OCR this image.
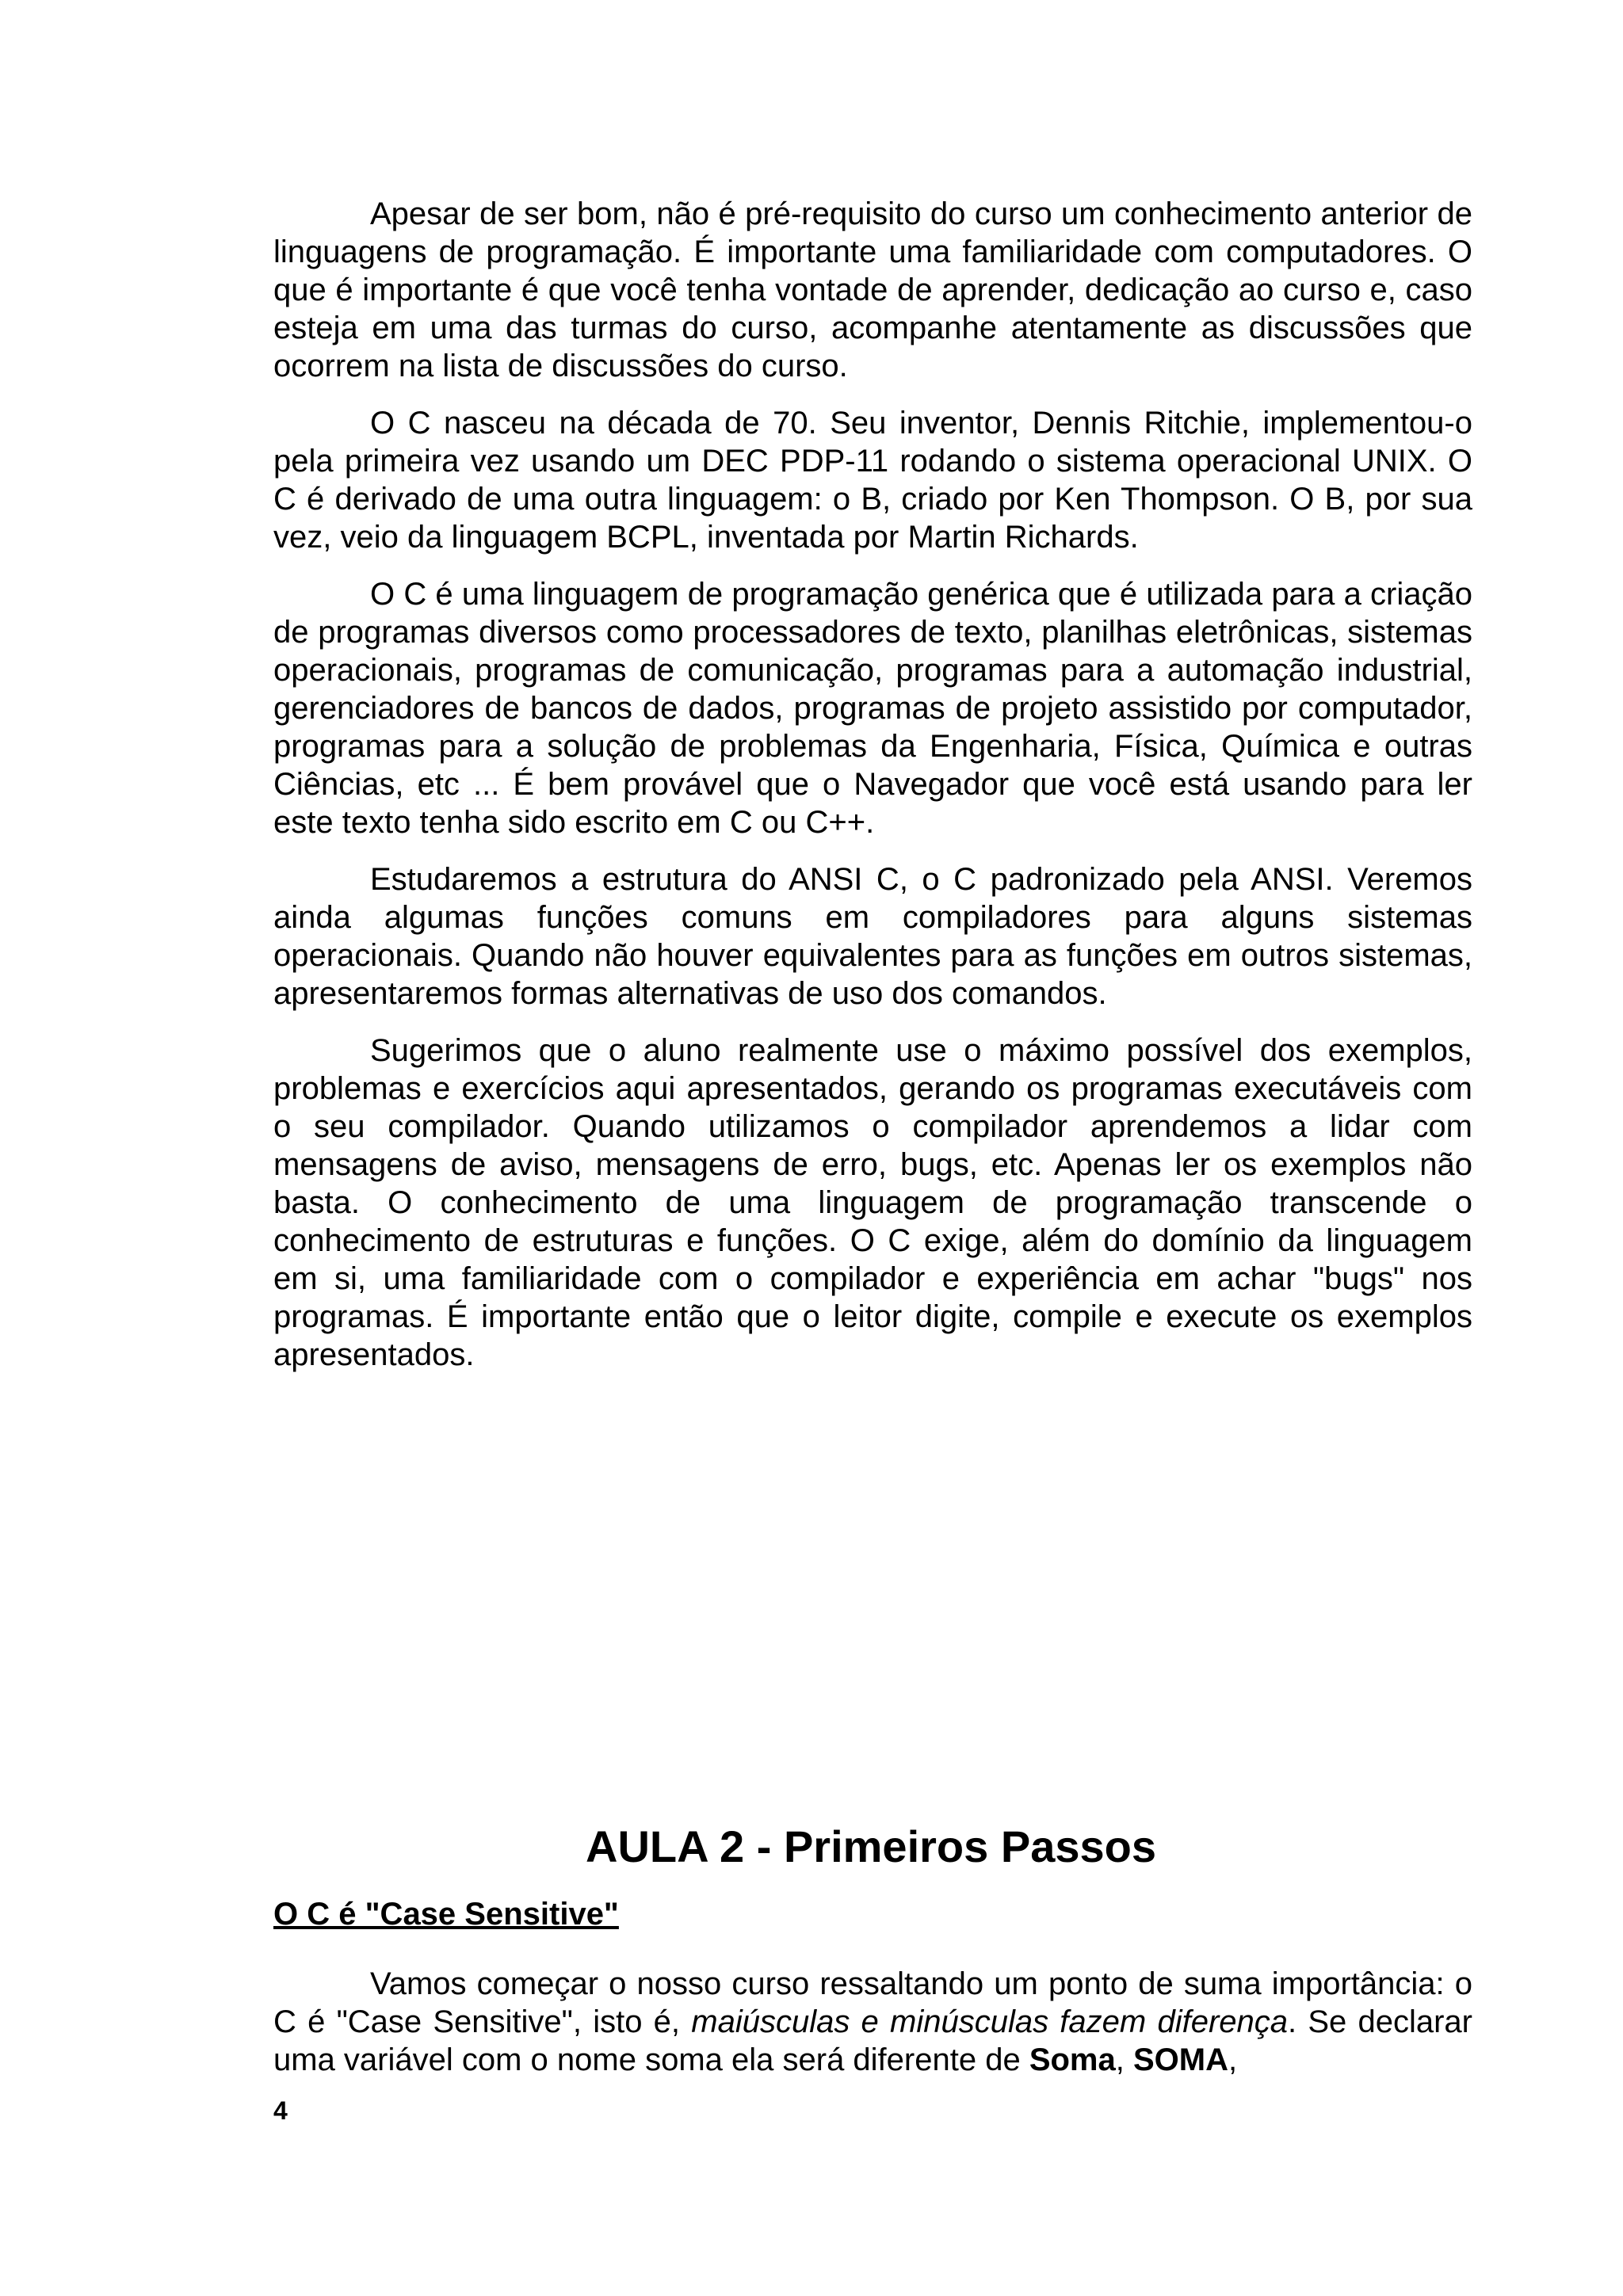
Apesar de ser bom, não é pré-requisito do curso um conhecimento anterior de linguagens de programação. É importante uma familiaridade com computadores. O que é importante é que você tenha vontade de aprender, dedicação ao curso e, caso esteja em uma das turmas do curso, acompanhe atentamente as discussões que ocorrem na lista de discussões do curso.

O C nasceu na década de 70. Seu inventor, Dennis Ritchie, implementou-o pela primeira vez usando um DEC PDP-11 rodando o sistema operacional UNIX. O C é derivado de uma outra linguagem: o B, criado por Ken Thompson. O B, por sua vez, veio da linguagem BCPL, inventada por Martin Richards.

O C é uma linguagem de programação genérica que é utilizada para a criação de programas diversos como processadores de texto, planilhas eletrônicas, sistemas operacionais, programas de comunicação, programas para a automação industrial, gerenciadores de bancos de dados, programas de projeto assistido por computador, programas para a solução de problemas da Engenharia, Física, Química e outras Ciências, etc ... É bem provável que o Navegador que você está usando para ler este texto tenha sido escrito em C ou C++.

Estudaremos a estrutura do ANSI C, o C padronizado pela ANSI. Veremos ainda algumas funções comuns em compiladores para alguns sistemas operacionais. Quando não houver equivalentes para as funções em outros sistemas, apresentaremos formas alternativas de uso dos comandos.

Sugerimos que o aluno realmente use o máximo possível dos exemplos, problemas e exercícios aqui apresentados, gerando os programas executáveis com o seu compilador. Quando utilizamos o compilador aprendemos a lidar com mensagens de aviso, mensagens de erro, bugs, etc. Apenas ler os exemplos não basta. O conhecimento de uma linguagem de programação transcende o conhecimento de estruturas e funções. O C exige, além do domínio da linguagem em si, uma familiaridade com o compilador e experiência em achar "bugs" nos programas. É importante então que o leitor digite, compile e execute os exemplos apresentados.

AULA 2 - Primeiros Passos
O C é "Case Sensitive"

Vamos começar o nosso curso ressaltando um ponto de suma importância: o C é "Case Sensitive", isto é, maiúsculas e minúsculas fazem diferença. Se declarar uma variável com o nome soma ela será diferente de Soma, SOMA,

4
